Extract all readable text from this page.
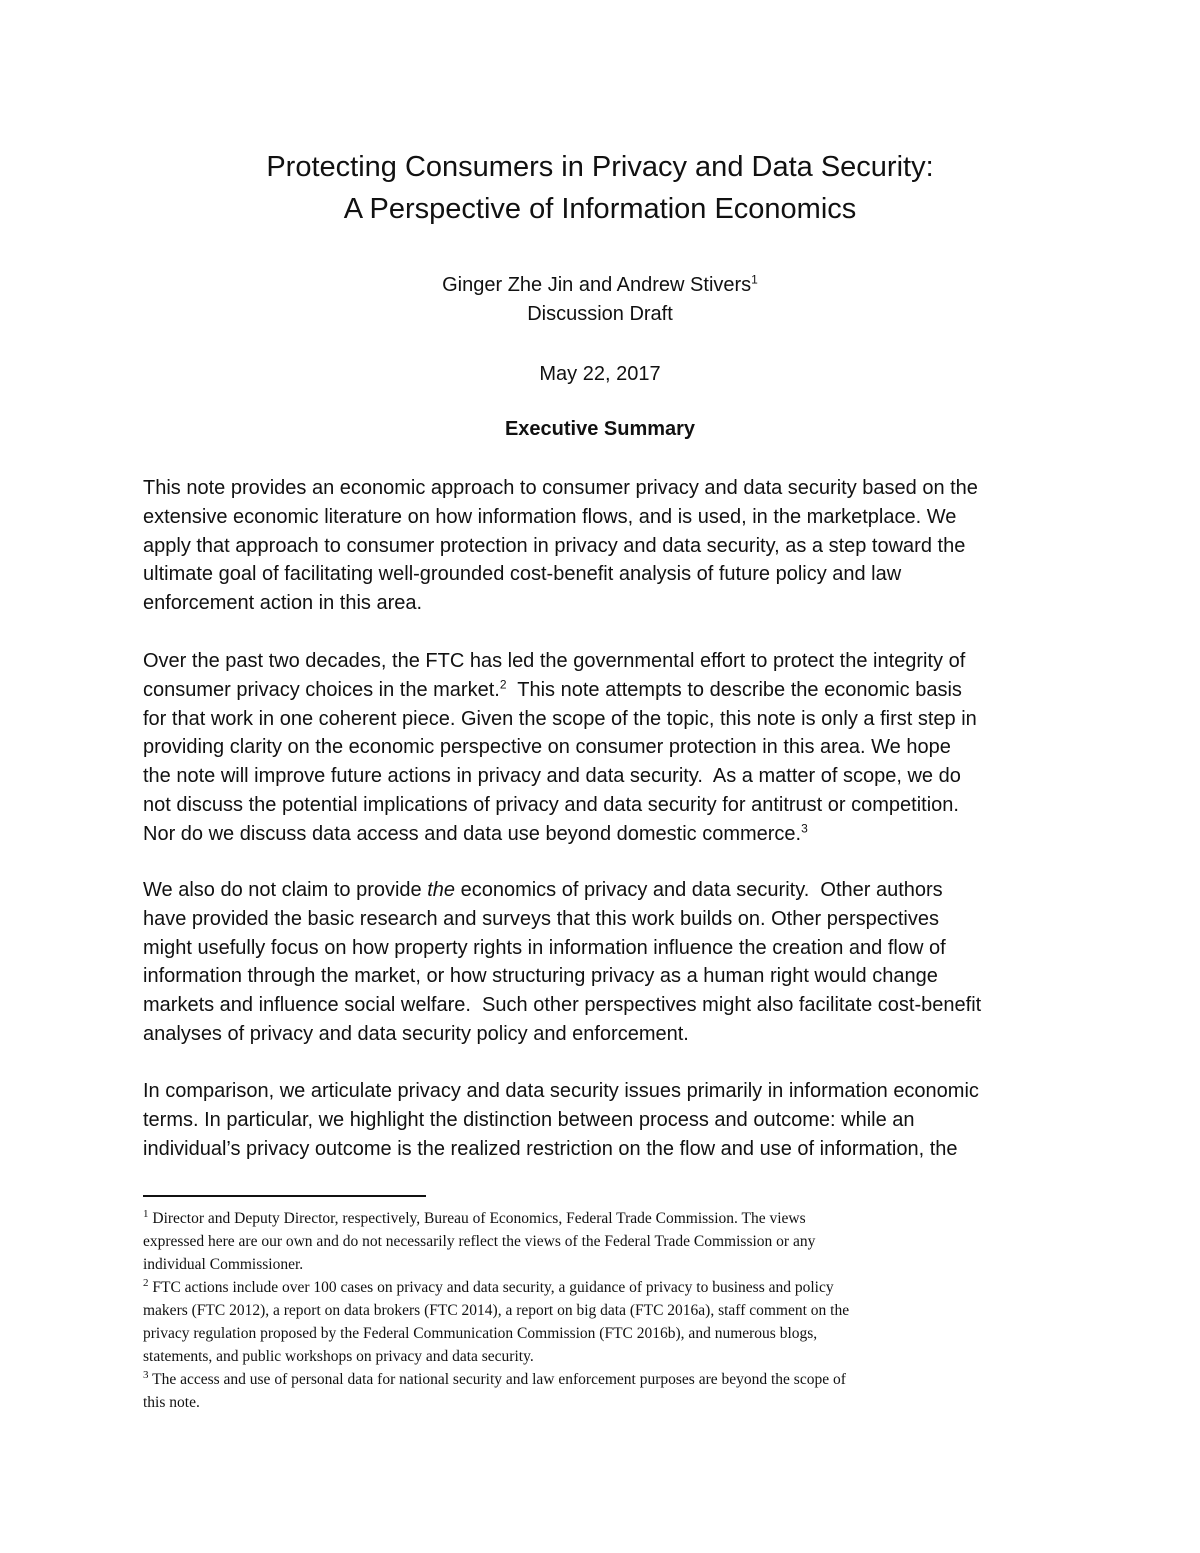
Protecting Consumers in Privacy and Data Security:
A Perspective of Information Economics
Ginger Zhe Jin and Andrew Stivers$^1$
Discussion Draft
May 22, 2017
Executive Summary
This note provides an economic approach to consumer privacy and data security based on the
extensive economic literature on how information flows, and is used, in the marketplace. We
apply that approach to consumer protection in privacy and data security, as a step toward the
ultimate goal of facilitating well-grounded cost-benefit analysis of future policy and law
enforcement action in this area.
Over the past two decades, the FTC has led the governmental effort to protect the integrity of
consumer privacy choices in the market.$^2$  This note attempts to describe the economic basis
for that work in one coherent piece. Given the scope of the topic, this note is only a first step in
providing clarity on the economic perspective on consumer protection in this area. We hope
the note will improve future actions in privacy and data security.  As a matter of scope, we do
not discuss the potential implications of privacy and data security for antitrust or competition.
Nor do we discuss data access and data use beyond domestic commerce.$^3$
We also do not claim to provide the economics of privacy and data security.  Other authors
have provided the basic research and surveys that this work builds on. Other perspectives
might usefully focus on how property rights in information influence the creation and flow of
information through the market, or how structuring privacy as a human right would change
markets and influence social welfare.  Such other perspectives might also facilitate cost-benefit
analyses of privacy and data security policy and enforcement.
In comparison, we articulate privacy and data security issues primarily in information economic
terms. In particular, we highlight the distinction between process and outcome: while an
individual’s privacy outcome is the realized restriction on the flow and use of information, the
$^1$ Director and Deputy Director, respectively, Bureau of Economics, Federal Trade Commission. The views
expressed here are our own and do not necessarily reflect the views of the Federal Trade Commission or any
individual Commissioner.
$^2$ FTC actions include over 100 cases on privacy and data security, a guidance of privacy to business and policy
makers (FTC 2012), a report on data brokers (FTC 2014), a report on big data (FTC 2016a), staff comment on the
privacy regulation proposed by the Federal Communication Commission (FTC 2016b), and numerous blogs,
statements, and public workshops on privacy and data security.
$^3$ The access and use of personal data for national security and law enforcement purposes are beyond the scope of
this note.
